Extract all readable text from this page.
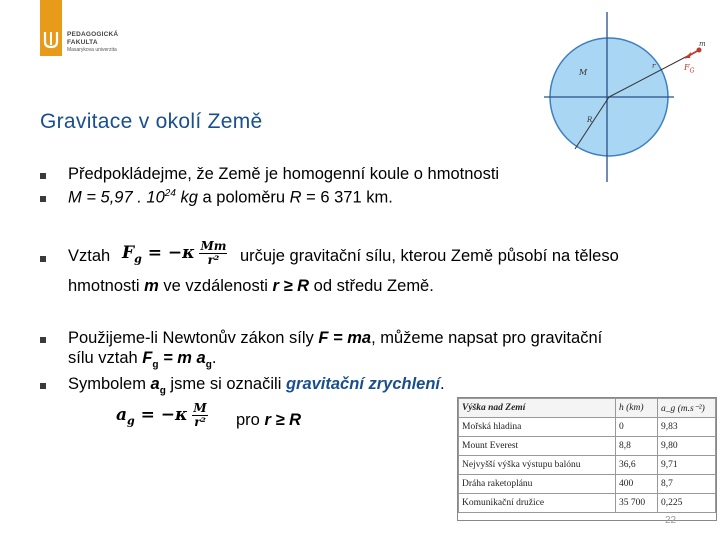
PEDAGOGICKÁ
FAKULTA
Masarykova univerzita
Gravitace v okolí Země
M
r
R
m
$F_G$
Předpokládejme, že Země je homogenní koule o hmotnosti
M = 5,97 . $10^{24}$ kg a poloměru R = 6 371 km.
Vztah $F_g = -\kappa \frac{Mm}{\text{r²}}$ určuje gravitační sílu, kterou Země působí na těleso
hmotnosti m ve vzdálenosti r ≥ R od středu Země.
Použijeme-li Newtonův zákon síly F = ma, můžeme napsat pro gravitační
sílu vztah $F_g = m$ $a_g$.
Symbolem $a_g$ jsme si označili gravitační zrychlení.
$a_g = -\kappa \frac{M}{\text{r²}}$ pro r ≥ R
Výška nad Zemí	h (km)	a_g (m.s⁻²)
Mořská hladina	0	9,83
Mount Everest	8,8	9,80
Nejvyšší výška výstupu balónu	36,6	9,71
Dráha raketoplánu	400	8,7
Komunikační družice	35 700	0,225
22
